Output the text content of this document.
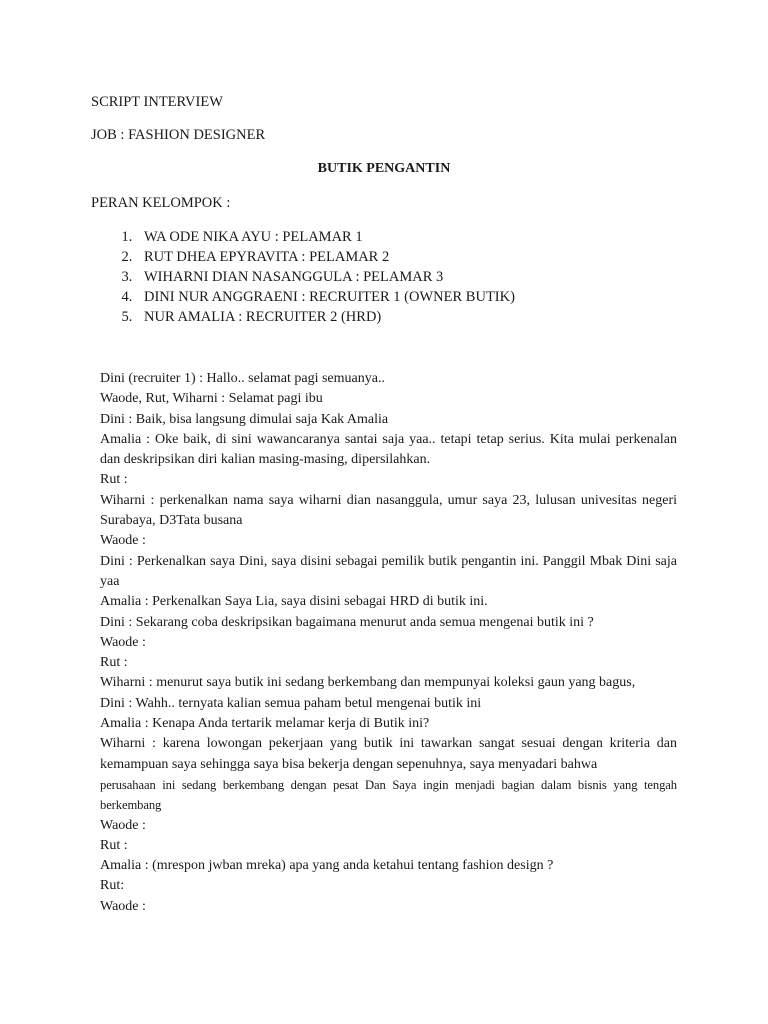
SCRIPT INTERVIEW
JOB : FASHION DESIGNER
BUTIK PENGANTIN
PERAN KELOMPOK :
1. WA ODE NIKA AYU : PELAMAR 1
2. RUT DHEA EPYRAVITA : PELAMAR 2
3. WIHARNI DIAN NASANGGULA : PELAMAR 3
4. DINI NUR ANGGRAENI : RECRUITER 1 (OWNER BUTIK)
5. NUR AMALIA : RECRUITER 2 (HRD)

Dini (recruiter 1) : Hallo.. selamat pagi semuanya..

Waode, Rut, Wiharni : Selamat pagi ibu

Dini : Baik, bisa langsung dimulai saja Kak Amalia

Amalia : Oke baik, di sini wawancaranya santai saja yaa.. tetapi tetap serius. Kita mulai perkenalan dan deskripsikan diri kalian masing-masing, dipersilahkan.

Rut :

Wiharni : perkenalkan nama saya wiharni dian nasanggula, umur saya 23, lulusan univesitas negeri Surabaya, D3Tata busana

Waode :

Dini : Perkenalkan saya Dini, saya disini sebagai pemilik butik pengantin ini. Panggil Mbak Dini saja yaa

Amalia : Perkenalkan Saya Lia, saya disini sebagai HRD di butik ini.

Dini : Sekarang coba deskripsikan bagaimana menurut anda semua mengenai butik ini ?

Waode :

Rut :

Wiharni : menurut saya butik ini sedang berkembang dan mempunyai koleksi gaun yang bagus,

Dini : Wahh.. ternyata kalian semua paham betul mengenai butik ini

Amalia : Kenapa Anda tertarik melamar kerja di Butik ini?

Wiharni : karena lowongan pekerjaan yang butik ini tawarkan sangat sesuai dengan kriteria dan kemampuan saya sehingga saya bisa bekerja dengan sepenuhnya, saya menyadari bahwa

perusahaan ini sedang berkembang dengan pesat Dan Saya ingin menjadi bagian dalam bisnis yang tengah berkembang

Waode :

Rut :

Amalia : (mrespon jwban mreka) apa yang anda ketahui tentang fashion design ?

Rut:

Waode :
